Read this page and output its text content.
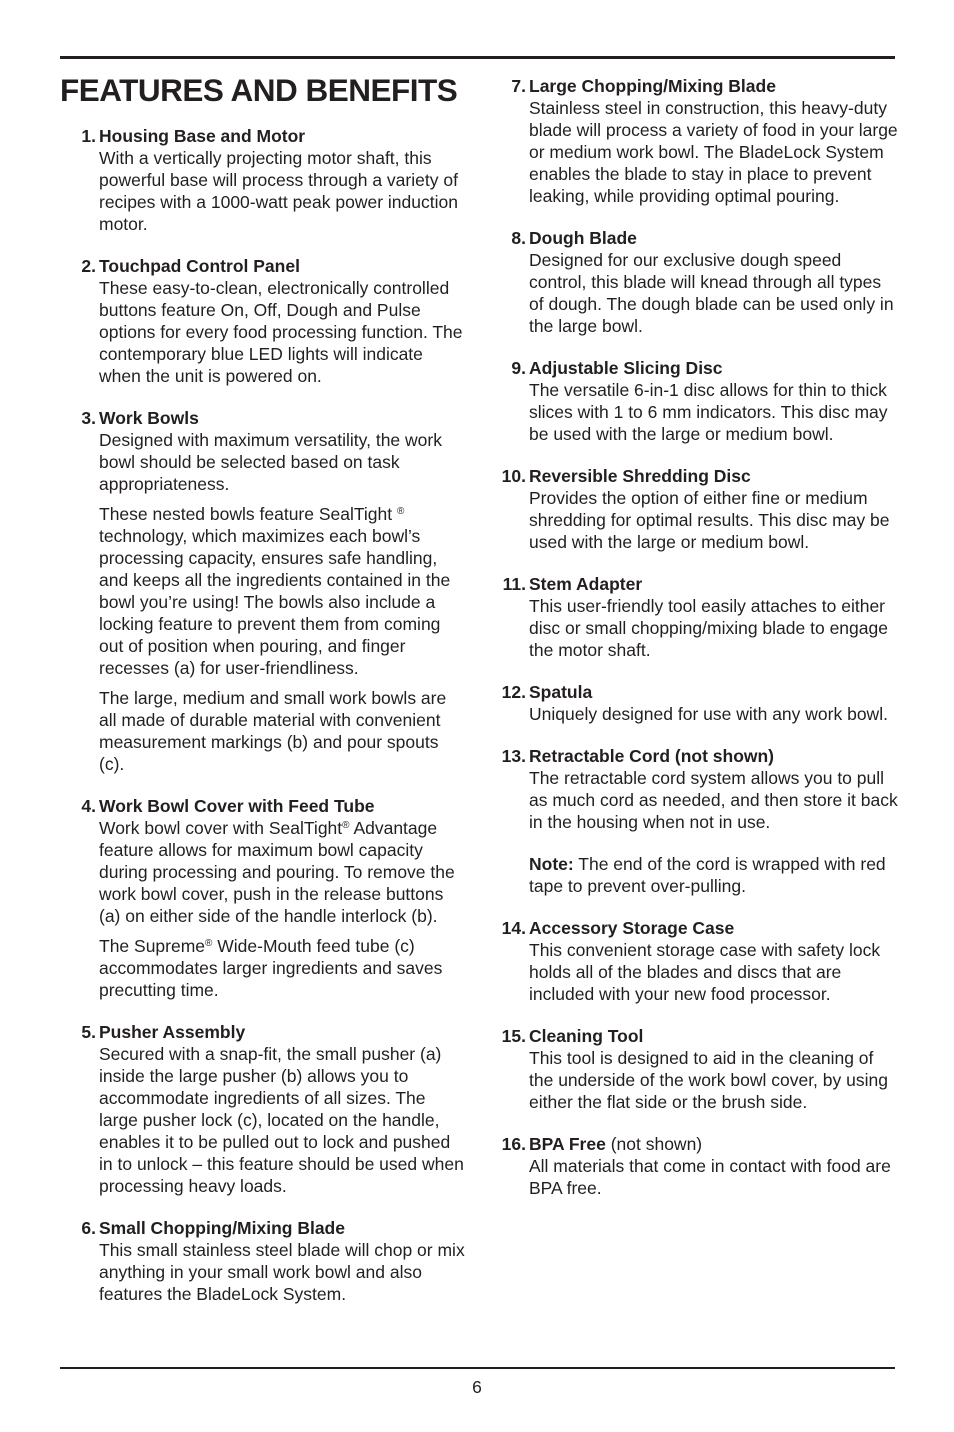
FEATURES AND BENEFITS
1. Housing Base and Motor

With a vertically projecting motor shaft, this powerful base will process through a variety of recipes with a 1000-watt peak power induction motor.

2. Touchpad Control Panel

These easy-to-clean, electronically controlled buttons feature On, Off, Dough and Pulse options for every food processing function. The contemporary blue LED lights will indicate when the unit is powered on.

3. Work Bowls

Designed with maximum versatility, the work bowl should be selected based on task appropriateness.

These nested bowls feature SealTight ® technology, which maximizes each bowl’s processing capacity, ensures safe handling, and keeps all the ingredients contained in the bowl you’re using! The bowls also include a locking feature to prevent them from coming out of position when pouring, and finger recesses (a) for user-friendliness.

The large, medium and small work bowls are all made of durable material with convenient measurement markings (b) and pour spouts (c).

4. Work Bowl Cover with Feed Tube

Work bowl cover with SealTight® Advantage feature allows for maximum bowl capacity during processing and pouring. To remove the work bowl cover, push in the release buttons (a) on either side of the handle interlock (b).

The Supreme® Wide-Mouth feed tube (c) accommodates larger ingredients and saves precutting time.

5. Pusher Assembly

Secured with a snap-fit, the small pusher (a) inside the large pusher (b) allows you to accommodate ingredients of all sizes. The large pusher lock (c), located on the handle, enables it to be pulled out to lock and pushed in to unlock – this feature should be used when processing heavy loads.

6. Small Chopping/Mixing Blade

This small stainless steel blade will chop or mix anything in your small work bowl and also features the BladeLock System.

7. Large Chopping/Mixing Blade

Stainless steel in construction, this heavy-duty blade will process a variety of food in your large or medium work bowl. The BladeLock System enables the blade to stay in place to prevent leaking, while providing optimal pouring.

8. Dough Blade

Designed for our exclusive dough speed control, this blade will knead through all types of dough. The dough blade can be used only in the large bowl.

9. Adjustable Slicing Disc

The versatile 6-in-1 disc allows for thin to thick slices with 1 to 6 mm indicators. This disc may be used with the large or medium bowl.

10. Reversible Shredding Disc

Provides the option of either fine or medium shredding for optimal results. This disc may be used with the large or medium bowl.

11. Stem Adapter

This user-friendly tool easily attaches to either disc or small chopping/mixing blade to engage the motor shaft.

12. Spatula

Uniquely designed for use with any work bowl.

13. Retractable Cord (not shown)

The retractable cord system allows you to pull as much cord as needed, and then store it back in the housing when not in use.

Note: The end of the cord is wrapped with red tape to prevent over-pulling.

14. Accessory Storage Case

This convenient storage case with safety lock holds all of the blades and discs that are included with your new food processor.

15. Cleaning Tool

This tool is designed to aid in the cleaning of the underside of the work bowl cover, by using either the flat side or the brush side.

16. BPA Free (not shown)

All materials that come in contact with food are BPA free.

6
